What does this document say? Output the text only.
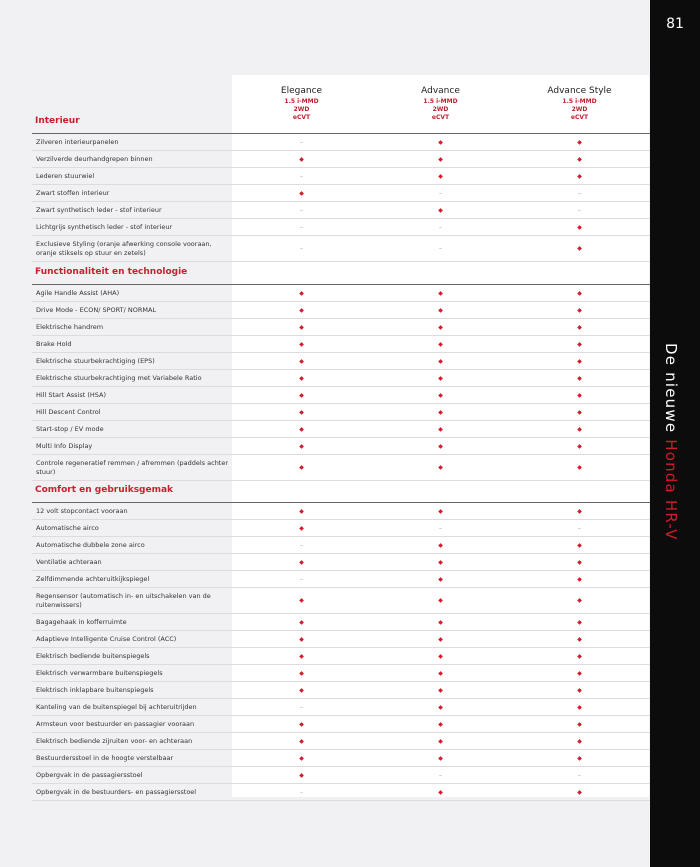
81
De nieuwe Honda HR-V
Elegance
1.5 i-MMD
2WD
eCVT
Advance
1.5 i-MMD
2WD
eCVT
Advance Style
1.5 i-MMD
2WD
eCVT
Interieur
Zilveren interieurpanelen	–	◆	◆
Verzilverde deurhandgrepen binnen	◆	◆	◆
Lederen stuurwiel	–	◆	◆
Zwart stoffen interieur	◆	–	–
Zwart synthetisch leder - stof interieur	–	◆	–
Lichtgrijs synthetisch leder - stof interieur	–	–	◆
Exclusieve Styling (oranje afwerking console vooraan, oranje stiksels op stuur en zetels)	–	–	◆
Functionaliteit en technologie
Agile Handle Assist (AHA)	◆	◆	◆
Drive Mode - ECON/ SPORT/ NORMAL	◆	◆	◆
Elektrische handrem	◆	◆	◆
Brake Hold	◆	◆	◆
Elektrische stuurbekrachtiging (EPS)	◆	◆	◆
Elektrische stuurbekrachtiging met Variabele Ratio	◆	◆	◆
Hill Start Assist (HSA)	◆	◆	◆
Hill Descent Control	◆	◆	◆
Start-stop / EV mode	◆	◆	◆
Multi Info Display	◆	◆	◆
Controle regeneratief remmen / afremmen (paddels achter stuur)	◆	◆	◆
Comfort en gebruiksgemak
12 volt stopcontact vooraan	◆	◆	◆
Automatische airco	◆	–	–
Automatische dubbele zone airco	–	◆	◆
Ventilatie achteraan	◆	◆	◆
Zelfdimmende achteruitkijkspiegel	–	◆	◆
Regensensor (automatisch in- en uitschakelen van de ruitenwissers)	◆	◆	◆
Bagagehaak in kofferruimte	◆	◆	◆
Adaptieve Intelligente Cruise Control (ACC)	◆	◆	◆
Elektrisch bediende buitenspiegels	◆	◆	◆
Elektrisch verwarmbare buitenspiegels	◆	◆	◆
Elektrisch inklapbare buitenspiegels	◆	◆	◆
Kanteling van de buitenspiegel bij achteruitrijden	–	◆	◆
Armsteun voor bestuurder en passagier vooraan	◆	◆	◆
Elektrisch bediende zijruiten voor- en achteraan	◆	◆	◆
Bestuurdersstoel in de hoogte verstelbaar	◆	◆	◆
Opbergvak in de passagiersstoel	◆	–	–
Opbergvak in de bestuurders- en passagiersstoel	–	◆	◆
